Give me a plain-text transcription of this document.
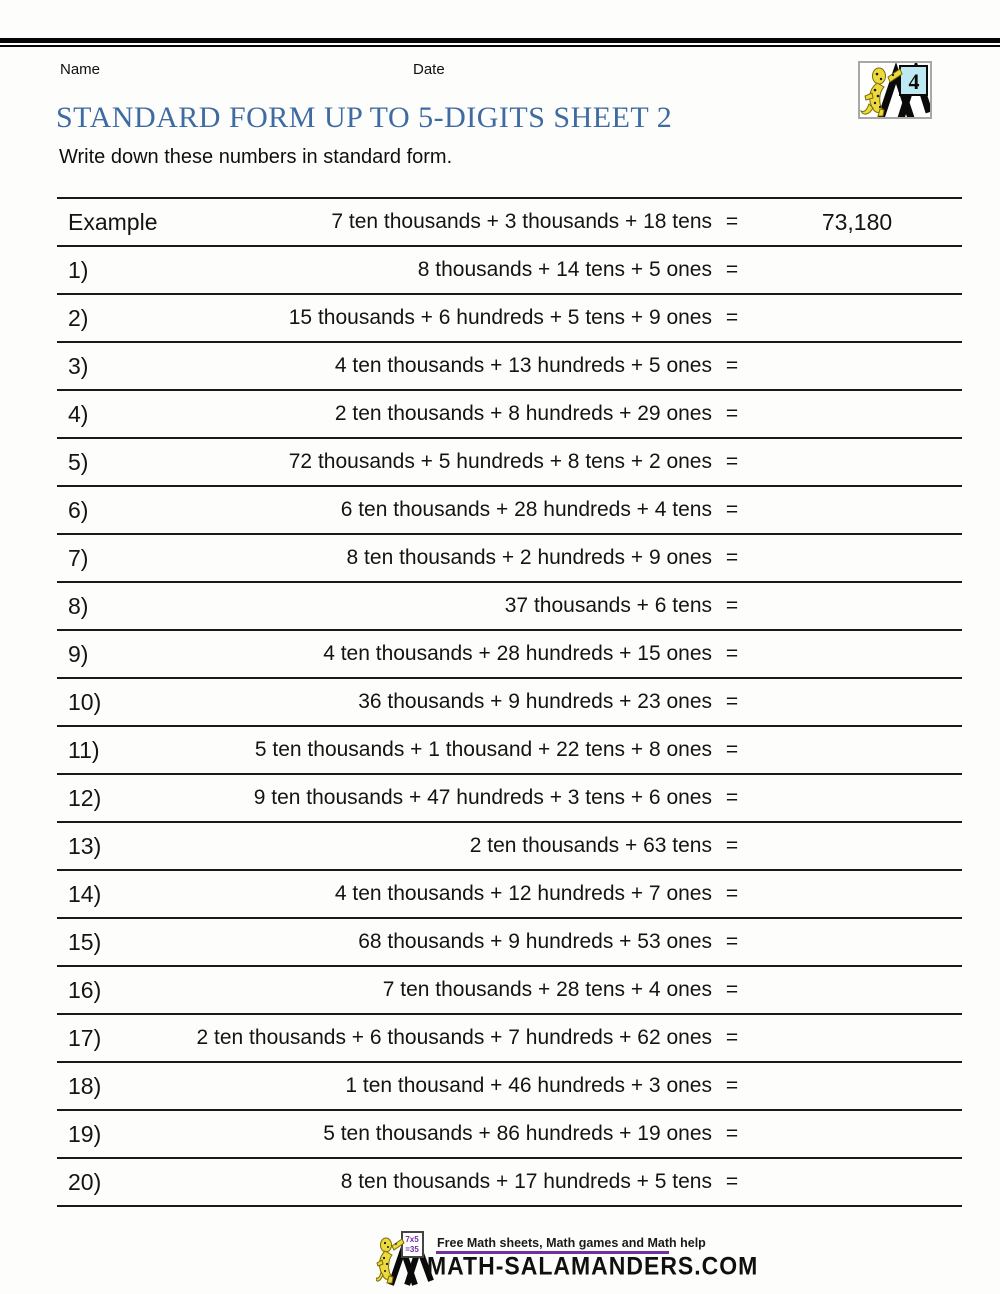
Name	Date	4
STANDARD FORM UP TO 5-DIGITS SHEET 2

Write down these numbers in standard form.

Example	7 ten thousands + 3 thousands + 18 tens =	73,180
1)	8 thousands + 14 tens + 5 ones =
2)	15 thousands + 6 hundreds + 5 tens + 9 ones =
3)	4 ten thousands + 13 hundreds + 5 ones =
4)	2 ten thousands + 8 hundreds + 29 ones =
5)	72 thousands + 5 hundreds + 8 tens + 2 ones =
6)	6 ten thousands + 28 hundreds + 4 tens =
7)	8 ten thousands + 2 hundreds + 9 ones =
8)	37 thousands + 6 tens =
9)	4 ten thousands + 28 hundreds + 15 ones =
10)	36 thousands + 9 hundreds + 23 ones =
11)	5 ten thousands + 1 thousand + 22 tens + 8 ones =
12)	9 ten thousands + 47 hundreds + 3 tens + 6 ones =
13)	2 ten thousands + 63 tens =
14)	4 ten thousands + 12 hundreds + 7 ones =
15)	68 thousands + 9 hundreds + 53 ones =
16)	7 ten thousands + 28 tens + 4 ones =
17)	2 ten thousands + 6 thousands + 7 hundreds + 62 ones =
18)	1 ten thousand + 46 hundreds + 3 ones =
19)	5 ten thousands + 86 hundreds + 19 ones =
20)	8 ten thousands + 17 hundreds + 5 tens =
7x5
=35 Free Math sheets, Math games and Math help
MATH-SALAMANDERS.COM
